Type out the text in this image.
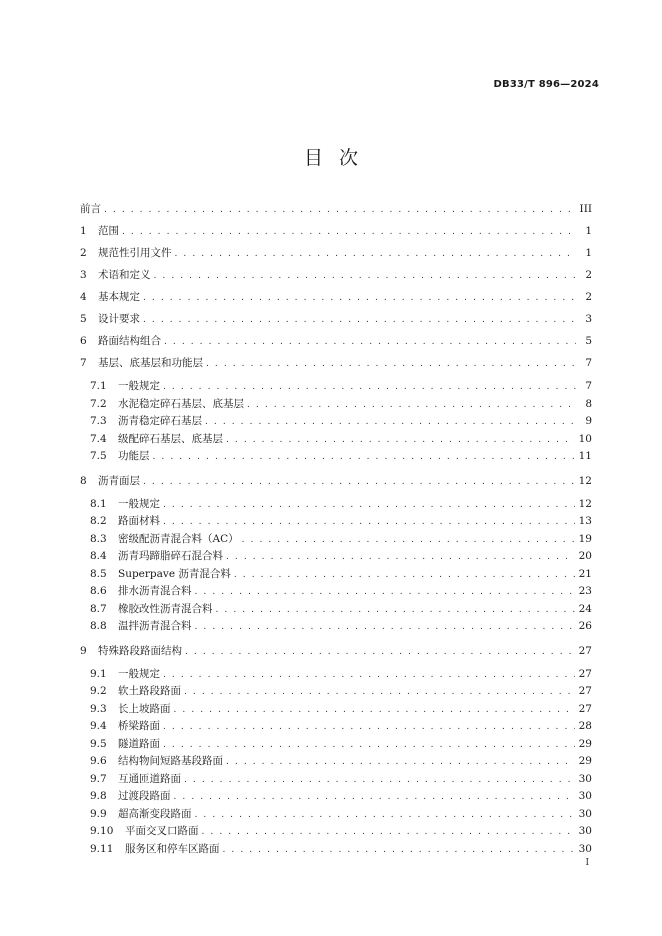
DB33/T 896—2024
目次
前言 . . .	III
1	范围 . . .	1
2	规范性引用文件 . . .	1
3	术语和定义 . . .	2
4	基本规定 . . .	2
5	设计要求 . . .	3
6	路面结构组合 . . .	5
7	基层、底基层和功能层 . . .	7
7.1	一般规定 . . .	7
7.2	水泥稳定碎石基层、底基层 . . .	8
7.3	沥青稳定碎石基层 . . .	9
7.4	级配碎石基层、底基层 . . .	10
7.5	功能层 . . .	11
8	沥青面层 . . .	12
8.1	一般规定 . . .	12
8.2	路面材料 . . .	13
8.3	密级配沥青混合料（AC） . . .	19
8.4	沥青玛蹄脂碎石混合料 . . .	20
8.5	Superpave 沥青混合料 . . .	21
8.6	排水沥青混合料 . . .	23
8.7	橡胶改性沥青混合料 . . .	24
8.8	温拌沥青混合料 . . .	26
9	特殊路段路面结构 . . .	27
9.1	一般规定 . . .	27
9.2	软土路段路面 . . .	27
9.3	长上坡路面 . . .	27
9.4	桥梁路面 . . .	28
9.5	隧道路面 . . .	29
9.6	结构物间短路基段路面 . . .	29
9.7	互通匝道路面 . . .	30
9.8	过渡段路面 . . .	30
9.9	超高渐变段路面 . . .	30
9.10	平面交叉口路面 . . .	30
9.11	服务区和停车区路面 . . .	30
I
